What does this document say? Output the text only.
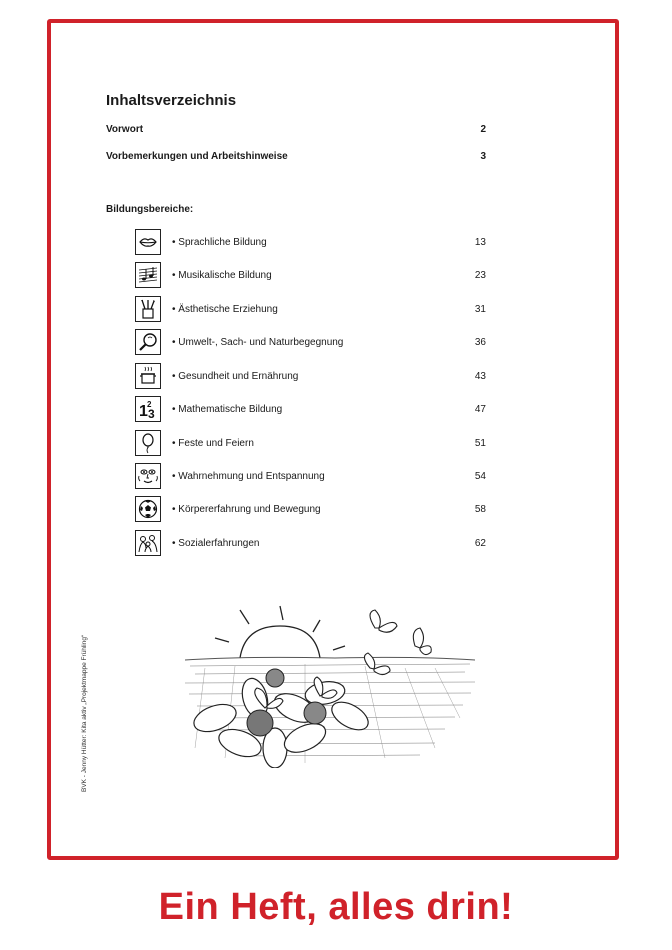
Inhaltsverzeichnis
Vorwort	2
Vorbemerkungen und Arbeitshinweise	3
Bildungsbereiche:
• Sprachliche Bildung	13
• Musikalische Bildung	23
• Ästhetische Erziehung	31
• Umwelt-, Sach- und Naturbegegnung	36
• Gesundheit und Ernährung	43
1 2
3 • Mathematische Bildung	47
• Feste und Feiern	51
• Wahrnehmung und Entspannung	54
• Körpererfahrung und Bewegung	58
• Sozialerfahrungen	62
BVK - Jenny Hütter: Kita aktiv „Projektmappe Frühling“
Ein Heft, alles drin!
